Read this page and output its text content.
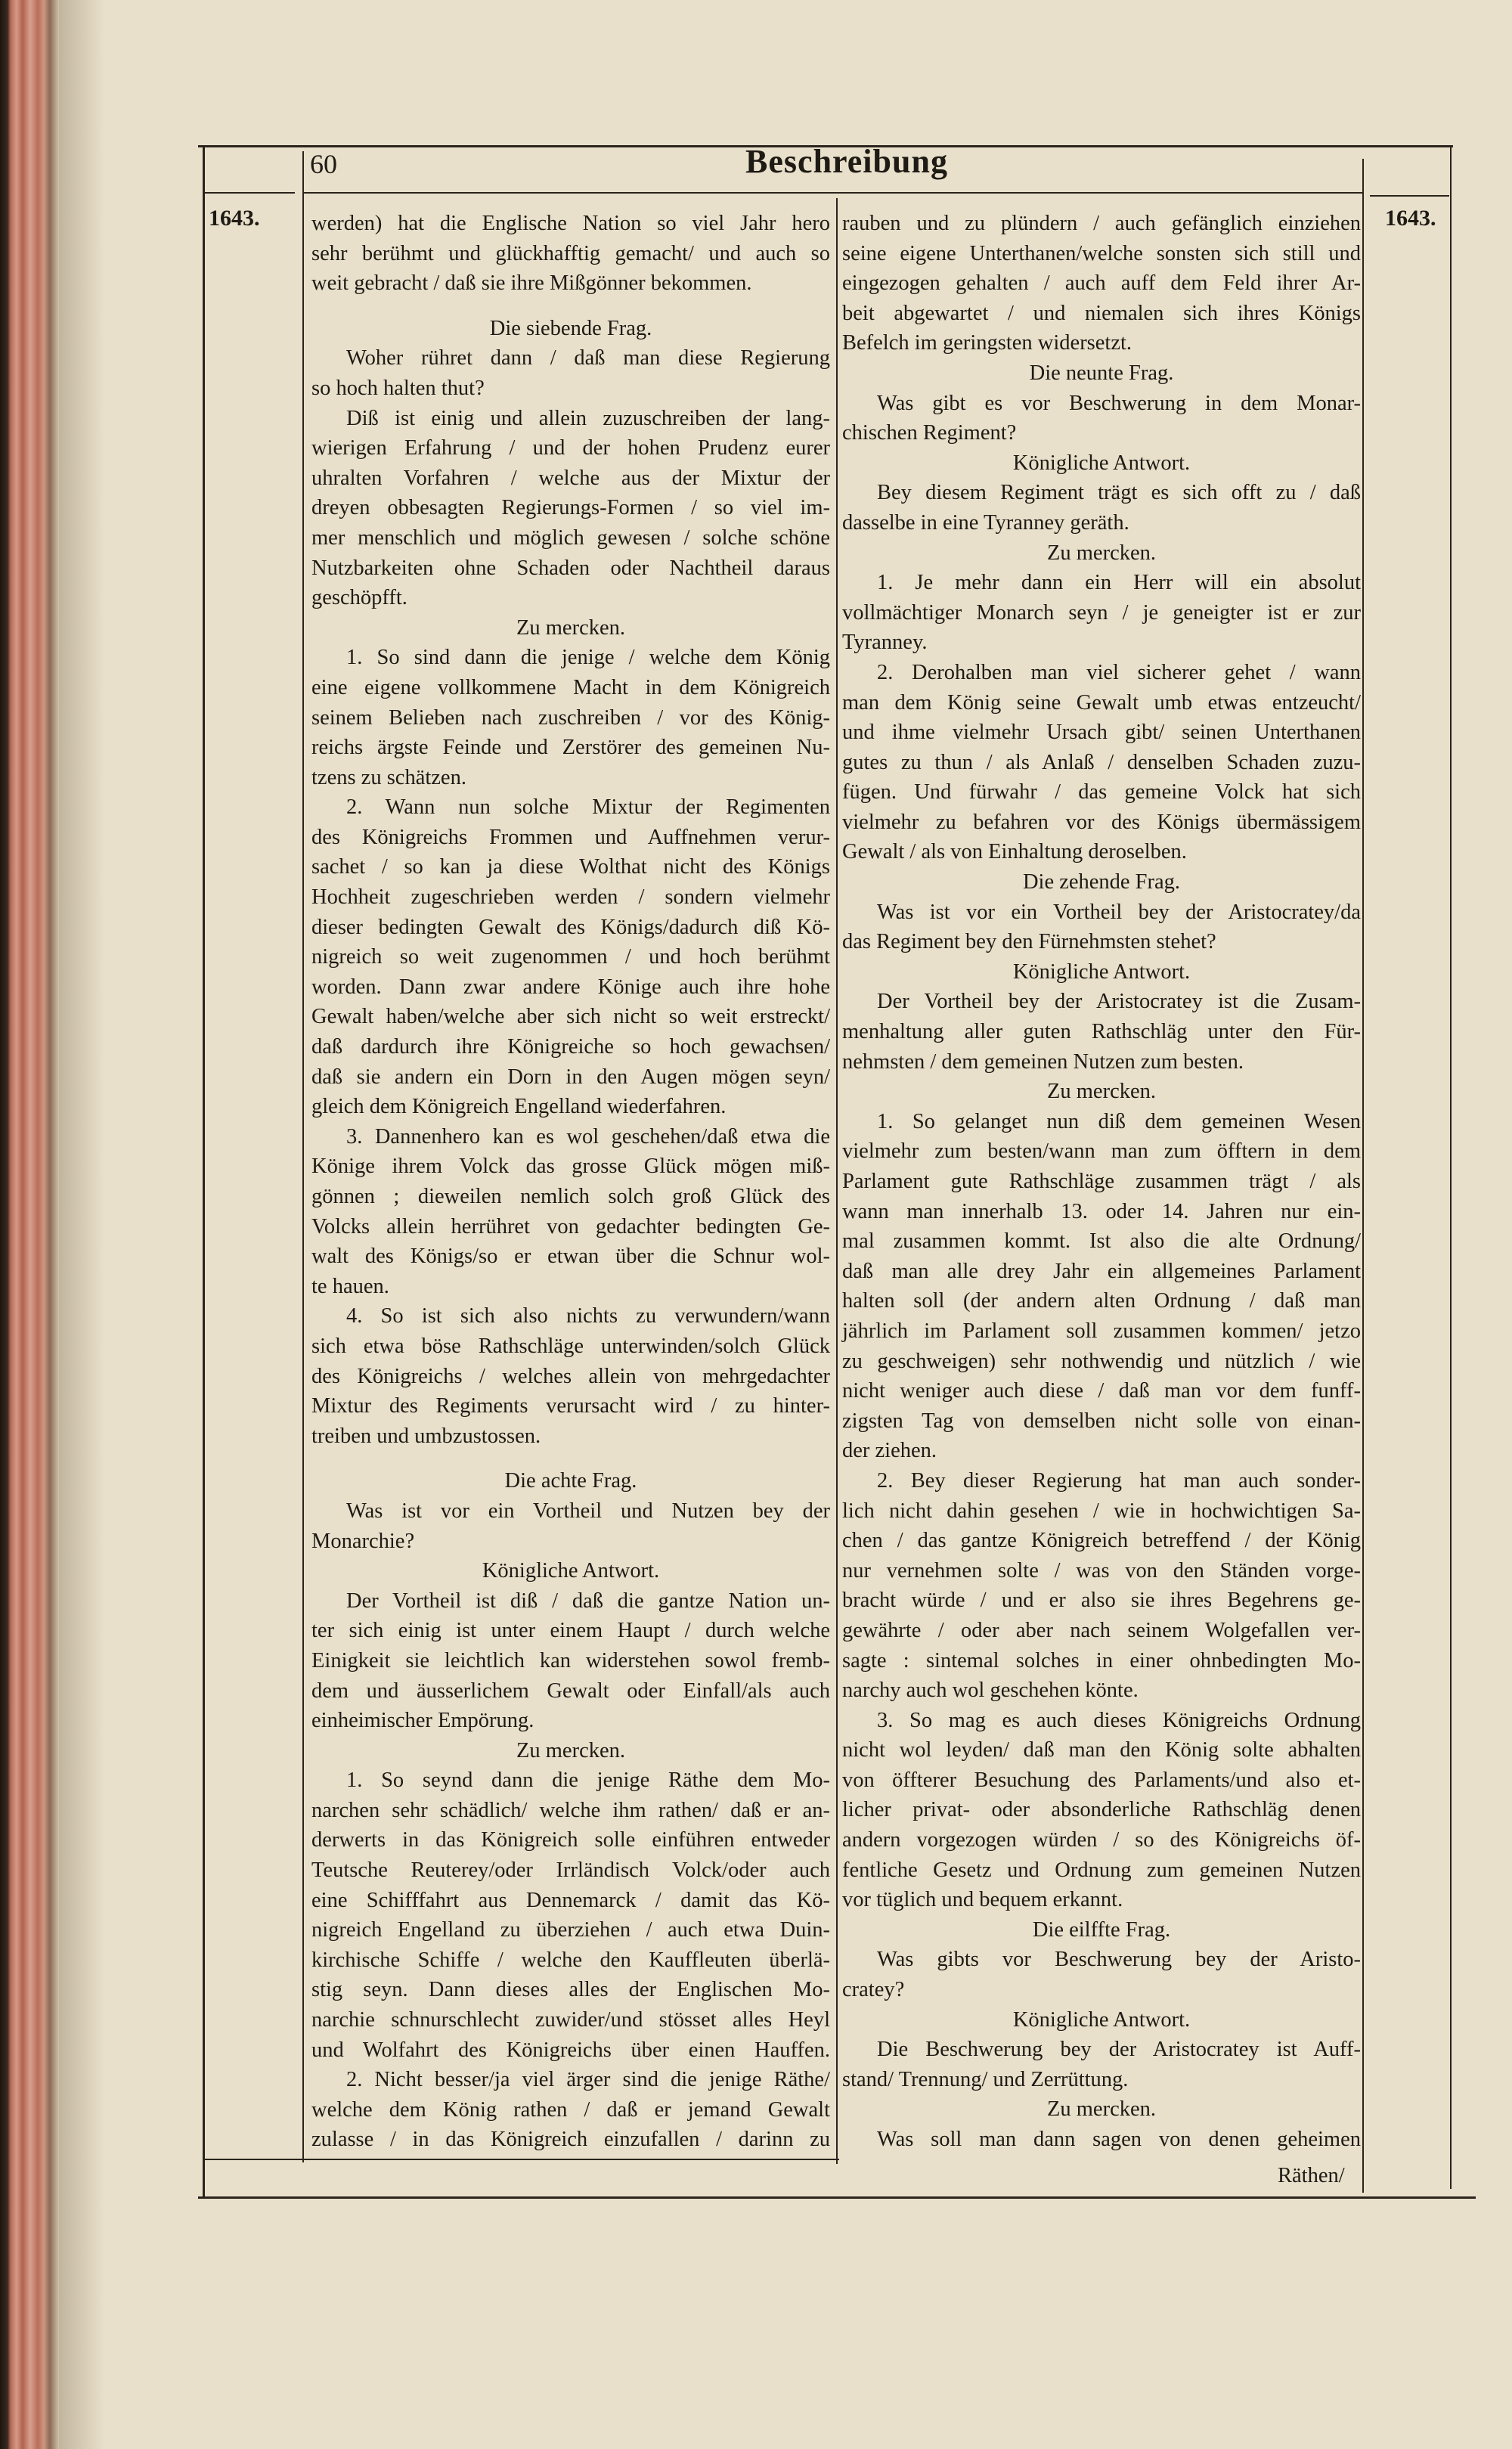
60	Beschreibung
1643.	1643.
werden) hat die Englische Nation so viel Jahr hero
sehr berühmt und glückhafftig gemacht/ und auch so
weit gebracht / daß sie ihre Mißgönner bekommen.
Die siebende Frag.
Woher rühret dann / daß man diese Regierung
so hoch halten thut?
Diß ist einig und allein zuzuschreiben der lang-
wierigen Erfahrung / und der hohen Prudenz eurer
uhralten Vorfahren / welche aus der Mixtur der
dreyen obbesagten Regierungs-Formen / so viel im-
mer menschlich und möglich gewesen / solche schöne
Nutzbarkeiten ohne Schaden oder Nachtheil daraus
geschöpfft.
Zu mercken.
1. So sind dann die jenige / welche dem König
eine eigene vollkommene Macht in dem Königreich
seinem Belieben nach zuschreiben / vor des König-
reichs ärgste Feinde und Zerstörer des gemeinen Nu-
tzens zu schätzen.
2. Wann nun solche Mixtur der Regimenten
des Königreichs Frommen und Auffnehmen verur-
sachet / so kan ja diese Wolthat nicht des Königs
Hochheit zugeschrieben werden / sondern vielmehr
dieser bedingten Gewalt des Königs/dadurch diß Kö-
nigreich so weit zugenommen / und hoch berühmt
worden. Dann zwar andere Könige auch ihre hohe
Gewalt haben/welche aber sich nicht so weit erstreckt/
daß dardurch ihre Königreiche so hoch gewachsen/
daß sie andern ein Dorn in den Augen mögen seyn/
gleich dem Königreich Engelland wiederfahren.
3. Dannenhero kan es wol geschehen/daß etwa die
Könige ihrem Volck das grosse Glück mögen miß-
gönnen ; dieweilen nemlich solch groß Glück des
Volcks allein herrühret von gedachter bedingten Ge-
walt des Königs/so er etwan über die Schnur wol-
te hauen.
4. So ist sich also nichts zu verwundern/wann
sich etwa böse Rathschläge unterwinden/solch Glück
des Königreichs / welches allein von mehrgedachter
Mixtur des Regiments verursacht wird / zu hinter-
treiben und umbzustossen.
Die achte Frag.
Was ist vor ein Vortheil und Nutzen bey der
Monarchie?
Königliche Antwort.
Der Vortheil ist diß / daß die gantze Nation un-
ter sich einig ist unter einem Haupt / durch welche
Einigkeit sie leichtlich kan widerstehen sowol fremb-
dem und äusserlichem Gewalt oder Einfall/als auch
einheimischer Empörung.
Zu mercken.
1. So seynd dann die jenige Räthe dem Mo-
narchen sehr schädlich/ welche ihm rathen/ daß er an-
derwerts in das Königreich solle einführen entweder
Teutsche Reuterey/oder Irrländisch Volck/oder auch
eine Schifffahrt aus Dennemarck / damit das Kö-
nigreich Engelland zu überziehen / auch etwa Duin-
kirchische Schiffe / welche den Kauffleuten überlä-
stig seyn. Dann dieses alles der Englischen Mo-
narchie schnurschlecht zuwider/und stösset alles Heyl
und Wolfahrt des Königreichs über einen Hauffen.
2. Nicht besser/ja viel ärger sind die jenige Räthe/
welche dem König rathen / daß er jemand Gewalt
zulasse / in das Königreich einzufallen / darinn zu
rauben und zu plündern / auch gefänglich einziehen
seine eigene Unterthanen/welche sonsten sich still und
eingezogen gehalten / auch auff dem Feld ihrer Ar-
beit abgewartet / und niemalen sich ihres Königs
Befelch im geringsten widersetzt.
Die neunte Frag.
Was gibt es vor Beschwerung in dem Monar-
chischen Regiment?
Königliche Antwort.
Bey diesem Regiment trägt es sich offt zu / daß
dasselbe in eine Tyranney geräth.
Zu mercken.
1. Je mehr dann ein Herr will ein absolut
vollmächtiger Monarch seyn / je geneigter ist er zur
Tyranney.
2. Derohalben man viel sicherer gehet / wann
man dem König seine Gewalt umb etwas entzeucht/
und ihme vielmehr Ursach gibt/ seinen Unterthanen
gutes zu thun / als Anlaß / denselben Schaden zuzu-
fügen. Und fürwahr / das gemeine Volck hat sich
vielmehr zu befahren vor des Königs übermässigem
Gewalt / als von Einhaltung deroselben.
Die zehende Frag.
Was ist vor ein Vortheil bey der Aristocratey/da
das Regiment bey den Fürnehmsten stehet?
Königliche Antwort.
Der Vortheil bey der Aristocratey ist die Zusam-
menhaltung aller guten Rathschläg unter den Für-
nehmsten / dem gemeinen Nutzen zum besten.
Zu mercken.
1. So gelanget nun diß dem gemeinen Wesen
vielmehr zum besten/wann man zum öfftern in dem
Parlament gute Rathschläge zusammen trägt / als
wann man innerhalb 13. oder 14. Jahren nur ein-
mal zusammen kommt. Ist also die alte Ordnung/
daß man alle drey Jahr ein allgemeines Parlament
halten soll (der andern alten Ordnung / daß man
jährlich im Parlament soll zusammen kommen/ jetzo
zu geschweigen) sehr nothwendig und nützlich / wie
nicht weniger auch diese / daß man vor dem funff-
zigsten Tag von demselben nicht solle von einan-
der ziehen.
2. Bey dieser Regierung hat man auch sonder-
lich nicht dahin gesehen / wie in hochwichtigen Sa-
chen / das gantze Königreich betreffend / der König
nur vernehmen solte / was von den Ständen vorge-
bracht würde / und er also sie ihres Begehrens ge-
gewährte / oder aber nach seinem Wolgefallen ver-
sagte : sintemal solches in einer ohnbedingten Mo-
narchy auch wol geschehen könte.
3. So mag es auch dieses Königreichs Ordnung
nicht wol leyden/ daß man den König solte abhalten
von öffterer Besuchung des Parlaments/und also et-
licher privat- oder absonderliche Rathschläg denen
andern vorgezogen würden / so des Königreichs öf-
fentliche Gesetz und Ordnung zum gemeinen Nutzen
vor tüglich und bequem erkannt.
Die eilffte Frag.
Was gibts vor Beschwerung bey der Aristo-
cratey?
Königliche Antwort.
Die Beschwerung bey der Aristocratey ist Auff-
stand/ Trennung/ und Zerrüttung.
Zu mercken.
Was soll man dann sagen von denen geheimen
Räthen/
